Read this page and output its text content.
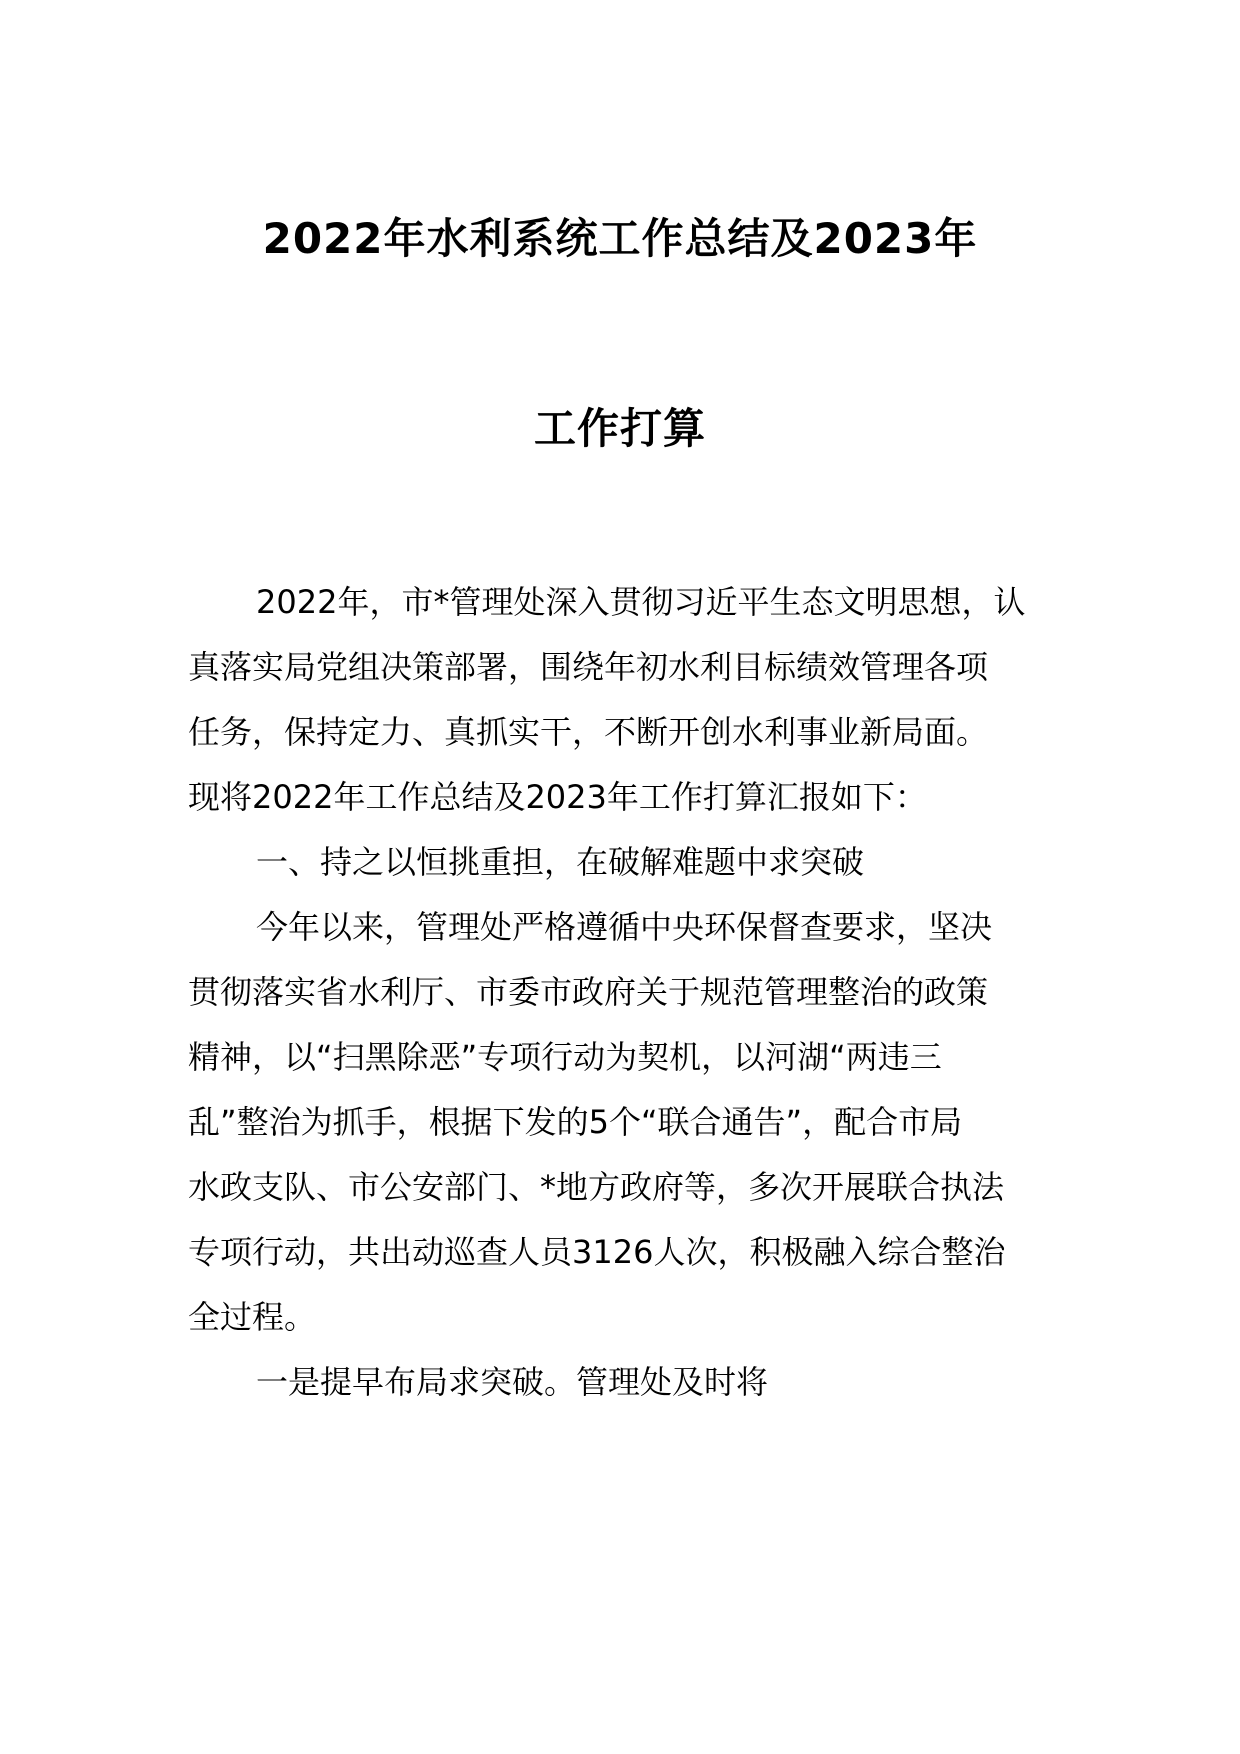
2022年水利系统工作总结及2023年
工作打算
2022年，市*管理处深入贯彻习近平生态文明思想，认
真落实局党组决策部署，围绕年初水利目标绩效管理各项
任务，保持定力、真抓实干，不断开创水利事业新局面。
现将2022年工作总结及2023年工作打算汇报如下：
一、持之以恒挑重担，在破解难题中求突破
今年以来，管理处严格遵循中央环保督查要求，坚决
贯彻落实省水利厅、市委市政府关于规范管理整治的政策
精神，以“扫黑除恶”专项行动为契机，以河湖“两违三
乱”整治为抓手，根据下发的5个“联合通告”，配合市局
水政支队、市公安部门、*地方政府等，多次开展联合执法
专项行动，共出动巡查人员3126人次，积极融入综合整治
全过程。
一是提早布局求突破。管理处及时将
